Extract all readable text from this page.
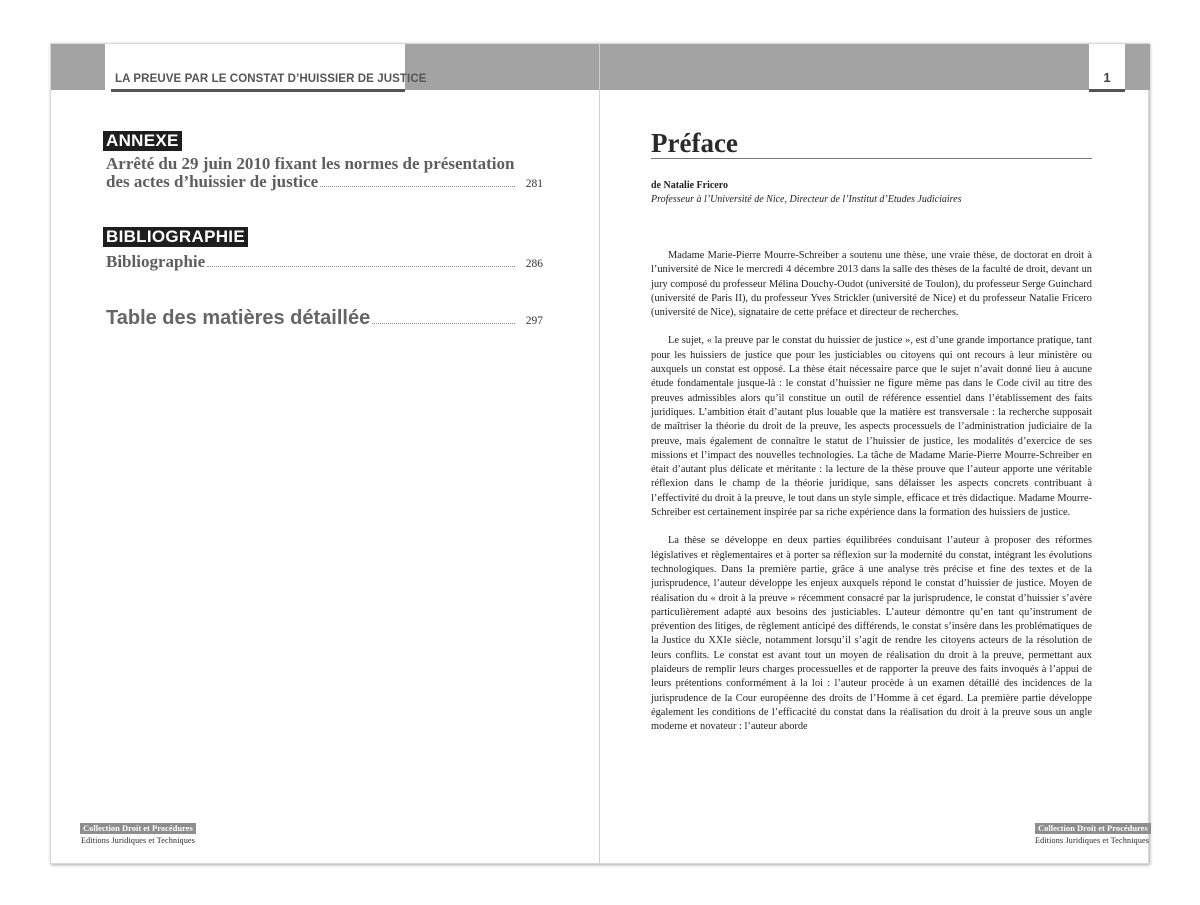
LA PREUVE PAR LE CONSTAT D’HUISSIER DE JUSTICE
ANNEXE
Arrêté du 29 juin 2010 fixant les normes de présentation
des actes d’huissier de justice	281
BIBLIOGRAPHIE
Bibliographie	286
Table des matières détaillée	297
Collection Droit et Procédures
Editions Juridiques et Techniques
1
Préface
de Natalie Fricero
Professeur à l’Université de Nice, Directeur de l’Institut d’Etudes Judiciaires

Madame Marie-Pierre Mourre-Schreiber a soutenu une thèse, une vraie thèse, de doctorat en droit à l’université de Nice le mercredi 4 décembre 2013 dans la salle des thèses de la faculté de droit, devant un jury composé du professeur Mélina Douchy-Oudot (université de Toulon), du professeur Serge Guinchard (université de Paris II), du professeur Yves Strickler (université de Nice) et du professeur Natalie Fricero (université de Nice), signataire de cette préface et directeur de recherches.

Le sujet, « la preuve par le constat du huissier de justice », est d’une grande importance pratique, tant pour les huissiers de justice que pour les justiciables ou citoyens qui ont recours à leur ministère ou auxquels un constat est opposé. La thèse était nécessaire parce que le sujet n’avait donné lieu à aucune étude fondamentale jusque-là : le constat d’huissier ne figure même pas dans le Code civil au titre des preuves admissibles alors qu’il constitue un outil de référence essentiel dans l’établissement des faits juridiques. L’ambition était d’autant plus louable que la matière est transversale : la recherche supposait de maîtriser la théorie du droit de la preuve, les aspects processuels de l’administration judiciaire de la preuve, mais également de connaître le statut de l’huissier de justice, les modalités d’exercice de ses missions et l’impact des nouvelles technologies. La tâche de Madame Marie-Pierre Mourre-Schreiber en était d’autant plus délicate et méritante : la lecture de la thèse prouve que l’auteur apporte une véritable réflexion dans le champ de la théorie juridique, sans délaisser les aspects concrets contribuant à l’effectivité du droit à la preuve, le tout dans un style simple, efficace et très didactique. Madame Mourre-Schreiber est certainement inspirée par sa riche expérience dans la formation des huissiers de justice.

La thèse se développe en deux parties équilibrées conduisant l’auteur à proposer des réformes législatives et règlementaires et à porter sa réflexion sur la modernité du constat, intégrant les évolutions technologiques. Dans la première partie, grâce à une analyse très précise et fine des textes et de la jurisprudence, l’auteur développe les enjeux auxquels répond le constat d’huissier de justice. Moyen de réalisation du « droit à la preuve » récemment consacré par la jurisprudence, le constat d’huissier s’avère particulièrement adapté aux besoins des justiciables. L’auteur démontre qu’en tant qu’instrument de prévention des litiges, de règlement anticipé des différends, le constat s’insère dans les problématiques de la Justice du XXIe siècle, notamment lorsqu’il s’agit de rendre les citoyens acteurs de la résolution de leurs conflits. Le constat est avant tout un moyen de réalisation du droit à la preuve, permettant aux plaideurs de remplir leurs charges processuelles et de rapporter la preuve des faits invoqués à l’appui de leurs prétentions conformément à la loi : l’auteur procède à un examen détaillé des incidences de la jurisprudence de la Cour européenne des droits de l’Homme à cet égard. La première partie développe également les conditions de l’efficacité du constat dans la réalisation du droit à la preuve sous un angle moderne et novateur : l’auteur aborde

Collection Droit et Procédures
Editions Juridiques et Techniques
